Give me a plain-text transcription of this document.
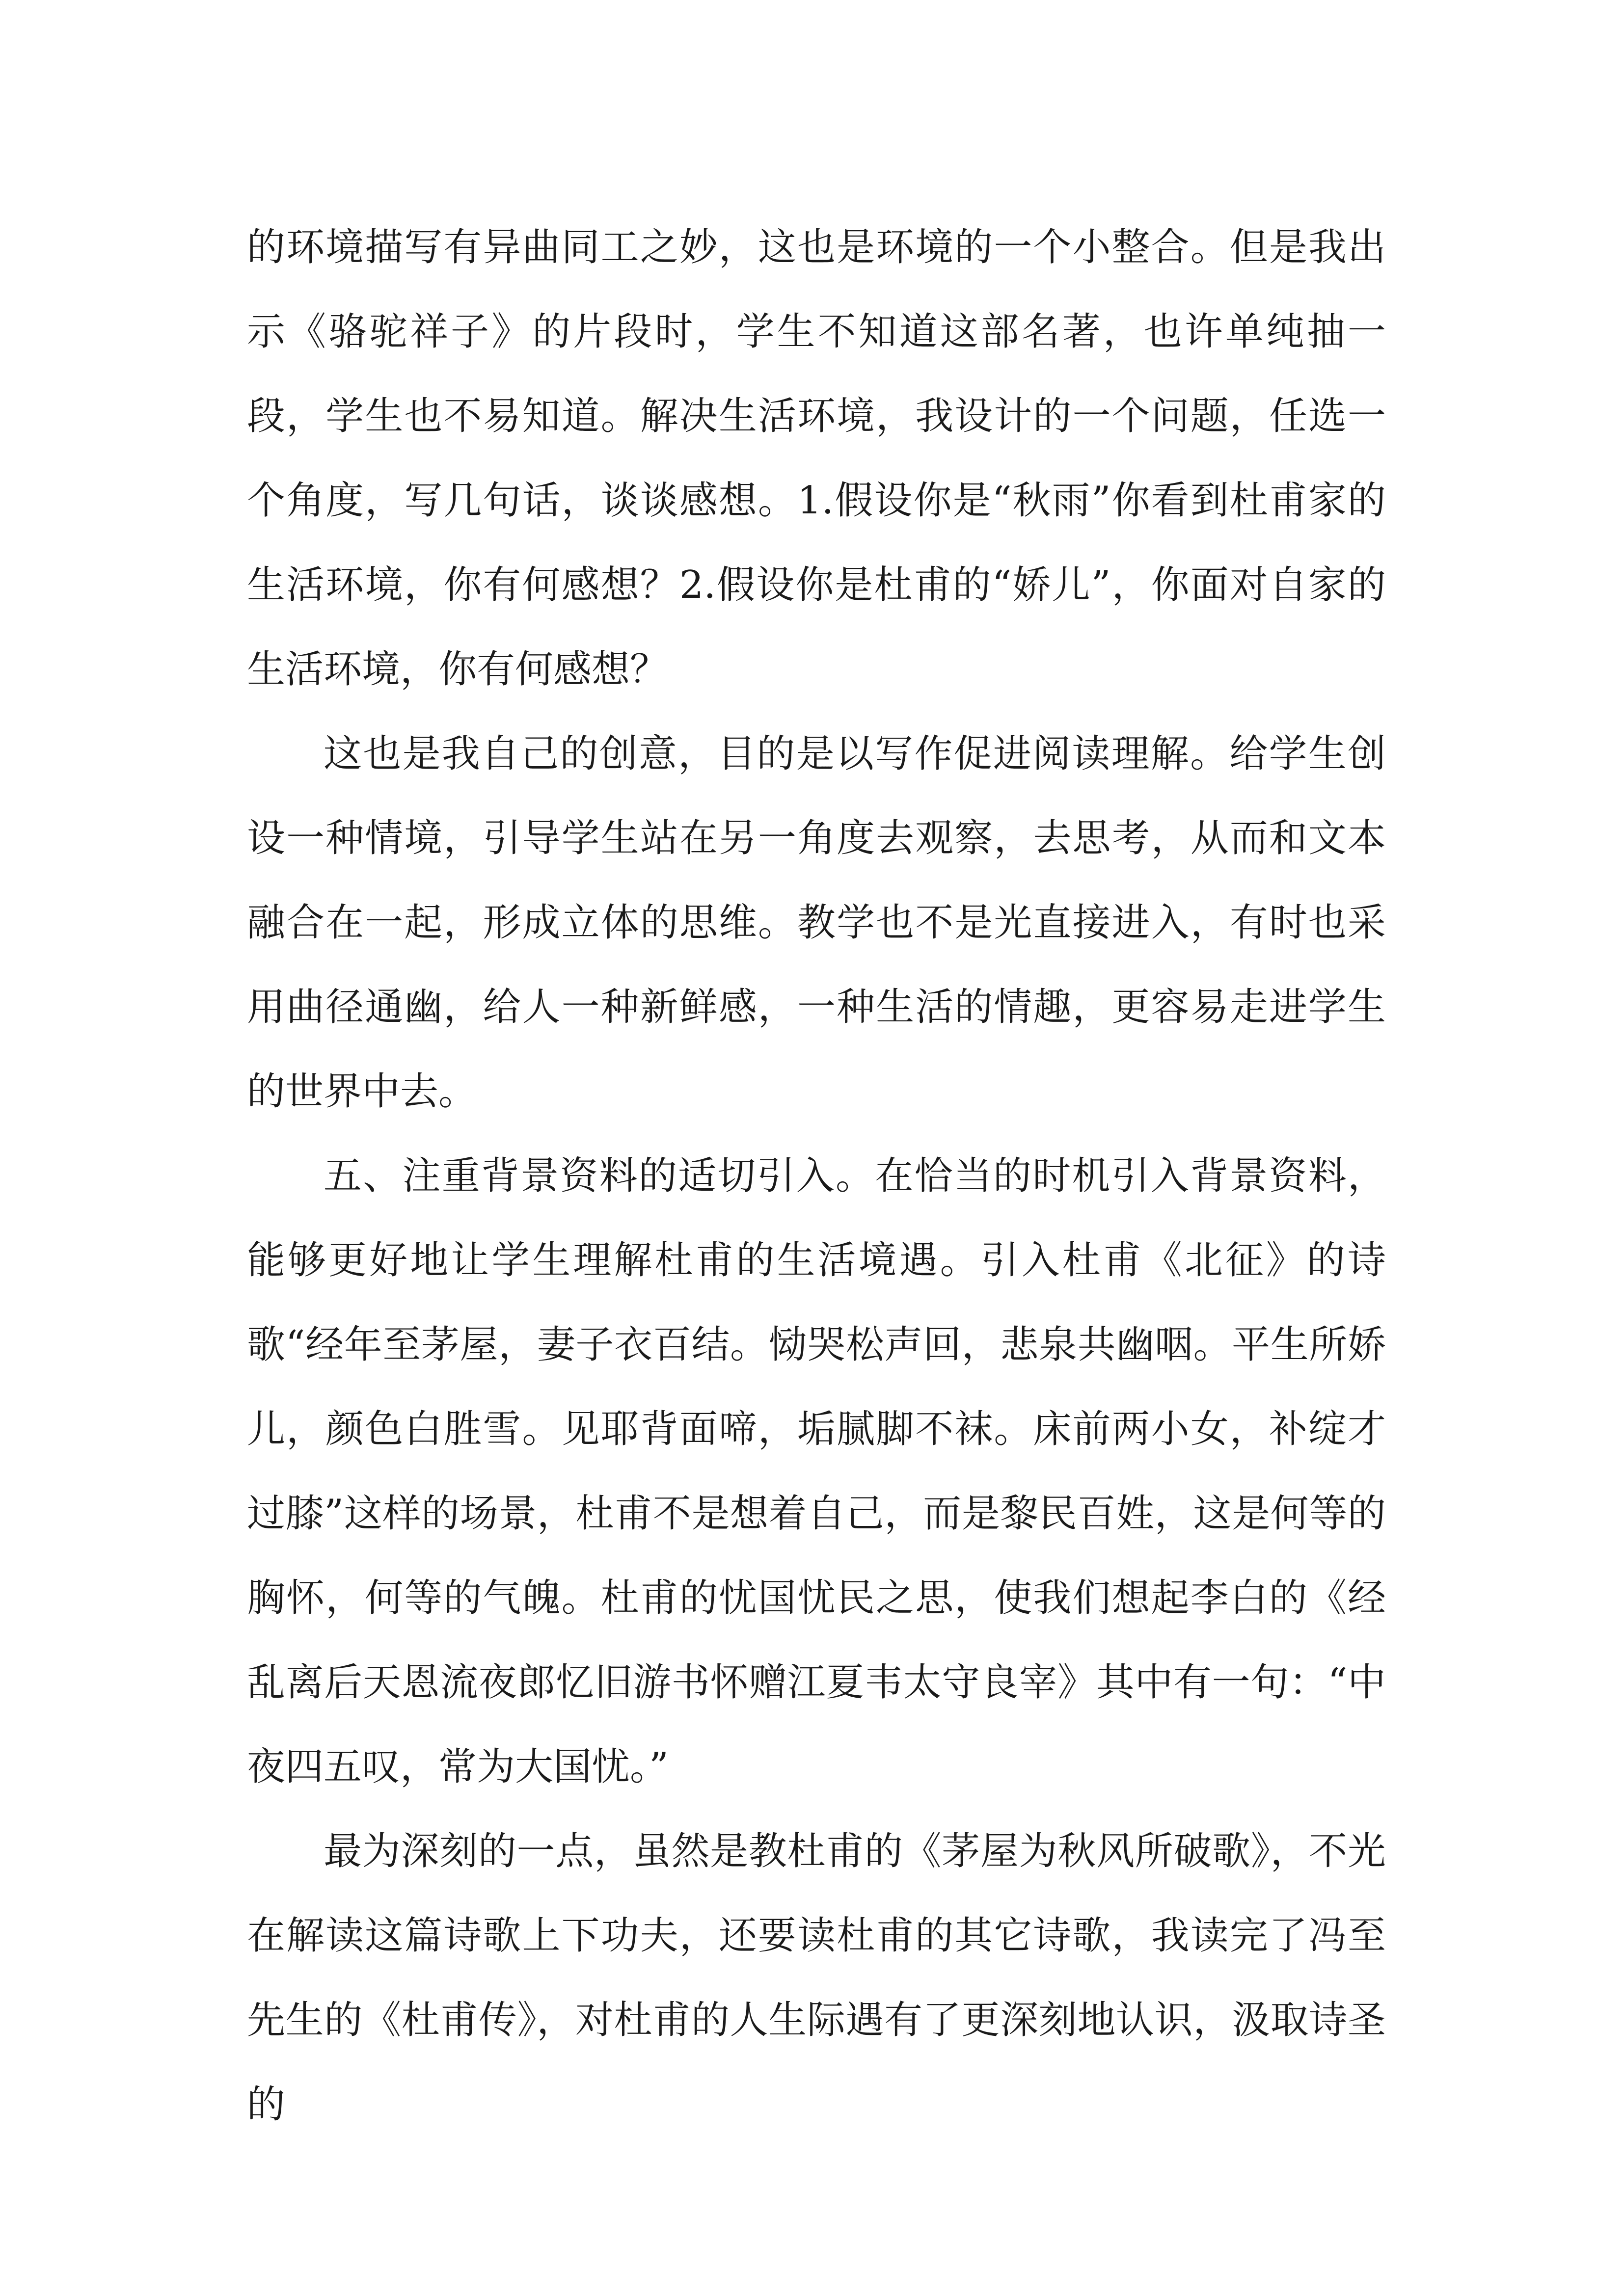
的环境描写有异曲同工之妙，这也是环境的一个小整合。但是我出示《骆驼祥子》的片段时，学生不知道这部名著，也许单纯抽一段，学生也不易知道。解决生活环境，我设计的一个问题，任选一个角度，写几句话，谈谈感想。1.假设你是“秋雨”你看到杜甫家的生活环境，你有何感想？2.假设你是杜甫的“娇儿”，你面对自家的生活环境，你有何感想？

这也是我自己的创意，目的是以写作促进阅读理解。给学生创设一种情境，引导学生站在另一角度去观察，去思考，从而和文本融合在一起，形成立体的思维。教学也不是光直接进入，有时也采用曲径通幽，给人一种新鲜感，一种生活的情趣，更容易走进学生的世界中去。

五、注重背景资料的适切引入。在恰当的时机引入背景资料，能够更好地让学生理解杜甫的生活境遇。引入杜甫《北征》的诗歌“经年至茅屋，妻子衣百结。恸哭松声回，悲泉共幽咽。平生所娇儿，颜色白胜雪。见耶背面啼，垢腻脚不袜。床前两小女，补绽才过膝”这样的场景，杜甫不是想着自己，而是黎民百姓，这是何等的胸怀，何等的气魄。杜甫的忧国忧民之思，使我们想起李白的《经乱离后天恩流夜郎忆旧游书怀赠江夏韦太守良宰》其中有一句：“中夜四五叹，常为大国忧。”

最为深刻的一点，虽然是教杜甫的《茅屋为秋风所破歌》，不光在解读这篇诗歌上下功夫，还要读杜甫的其它诗歌，我读完了冯至先生的《杜甫传》，对杜甫的人生际遇有了更深刻地认识，汲取诗圣的
